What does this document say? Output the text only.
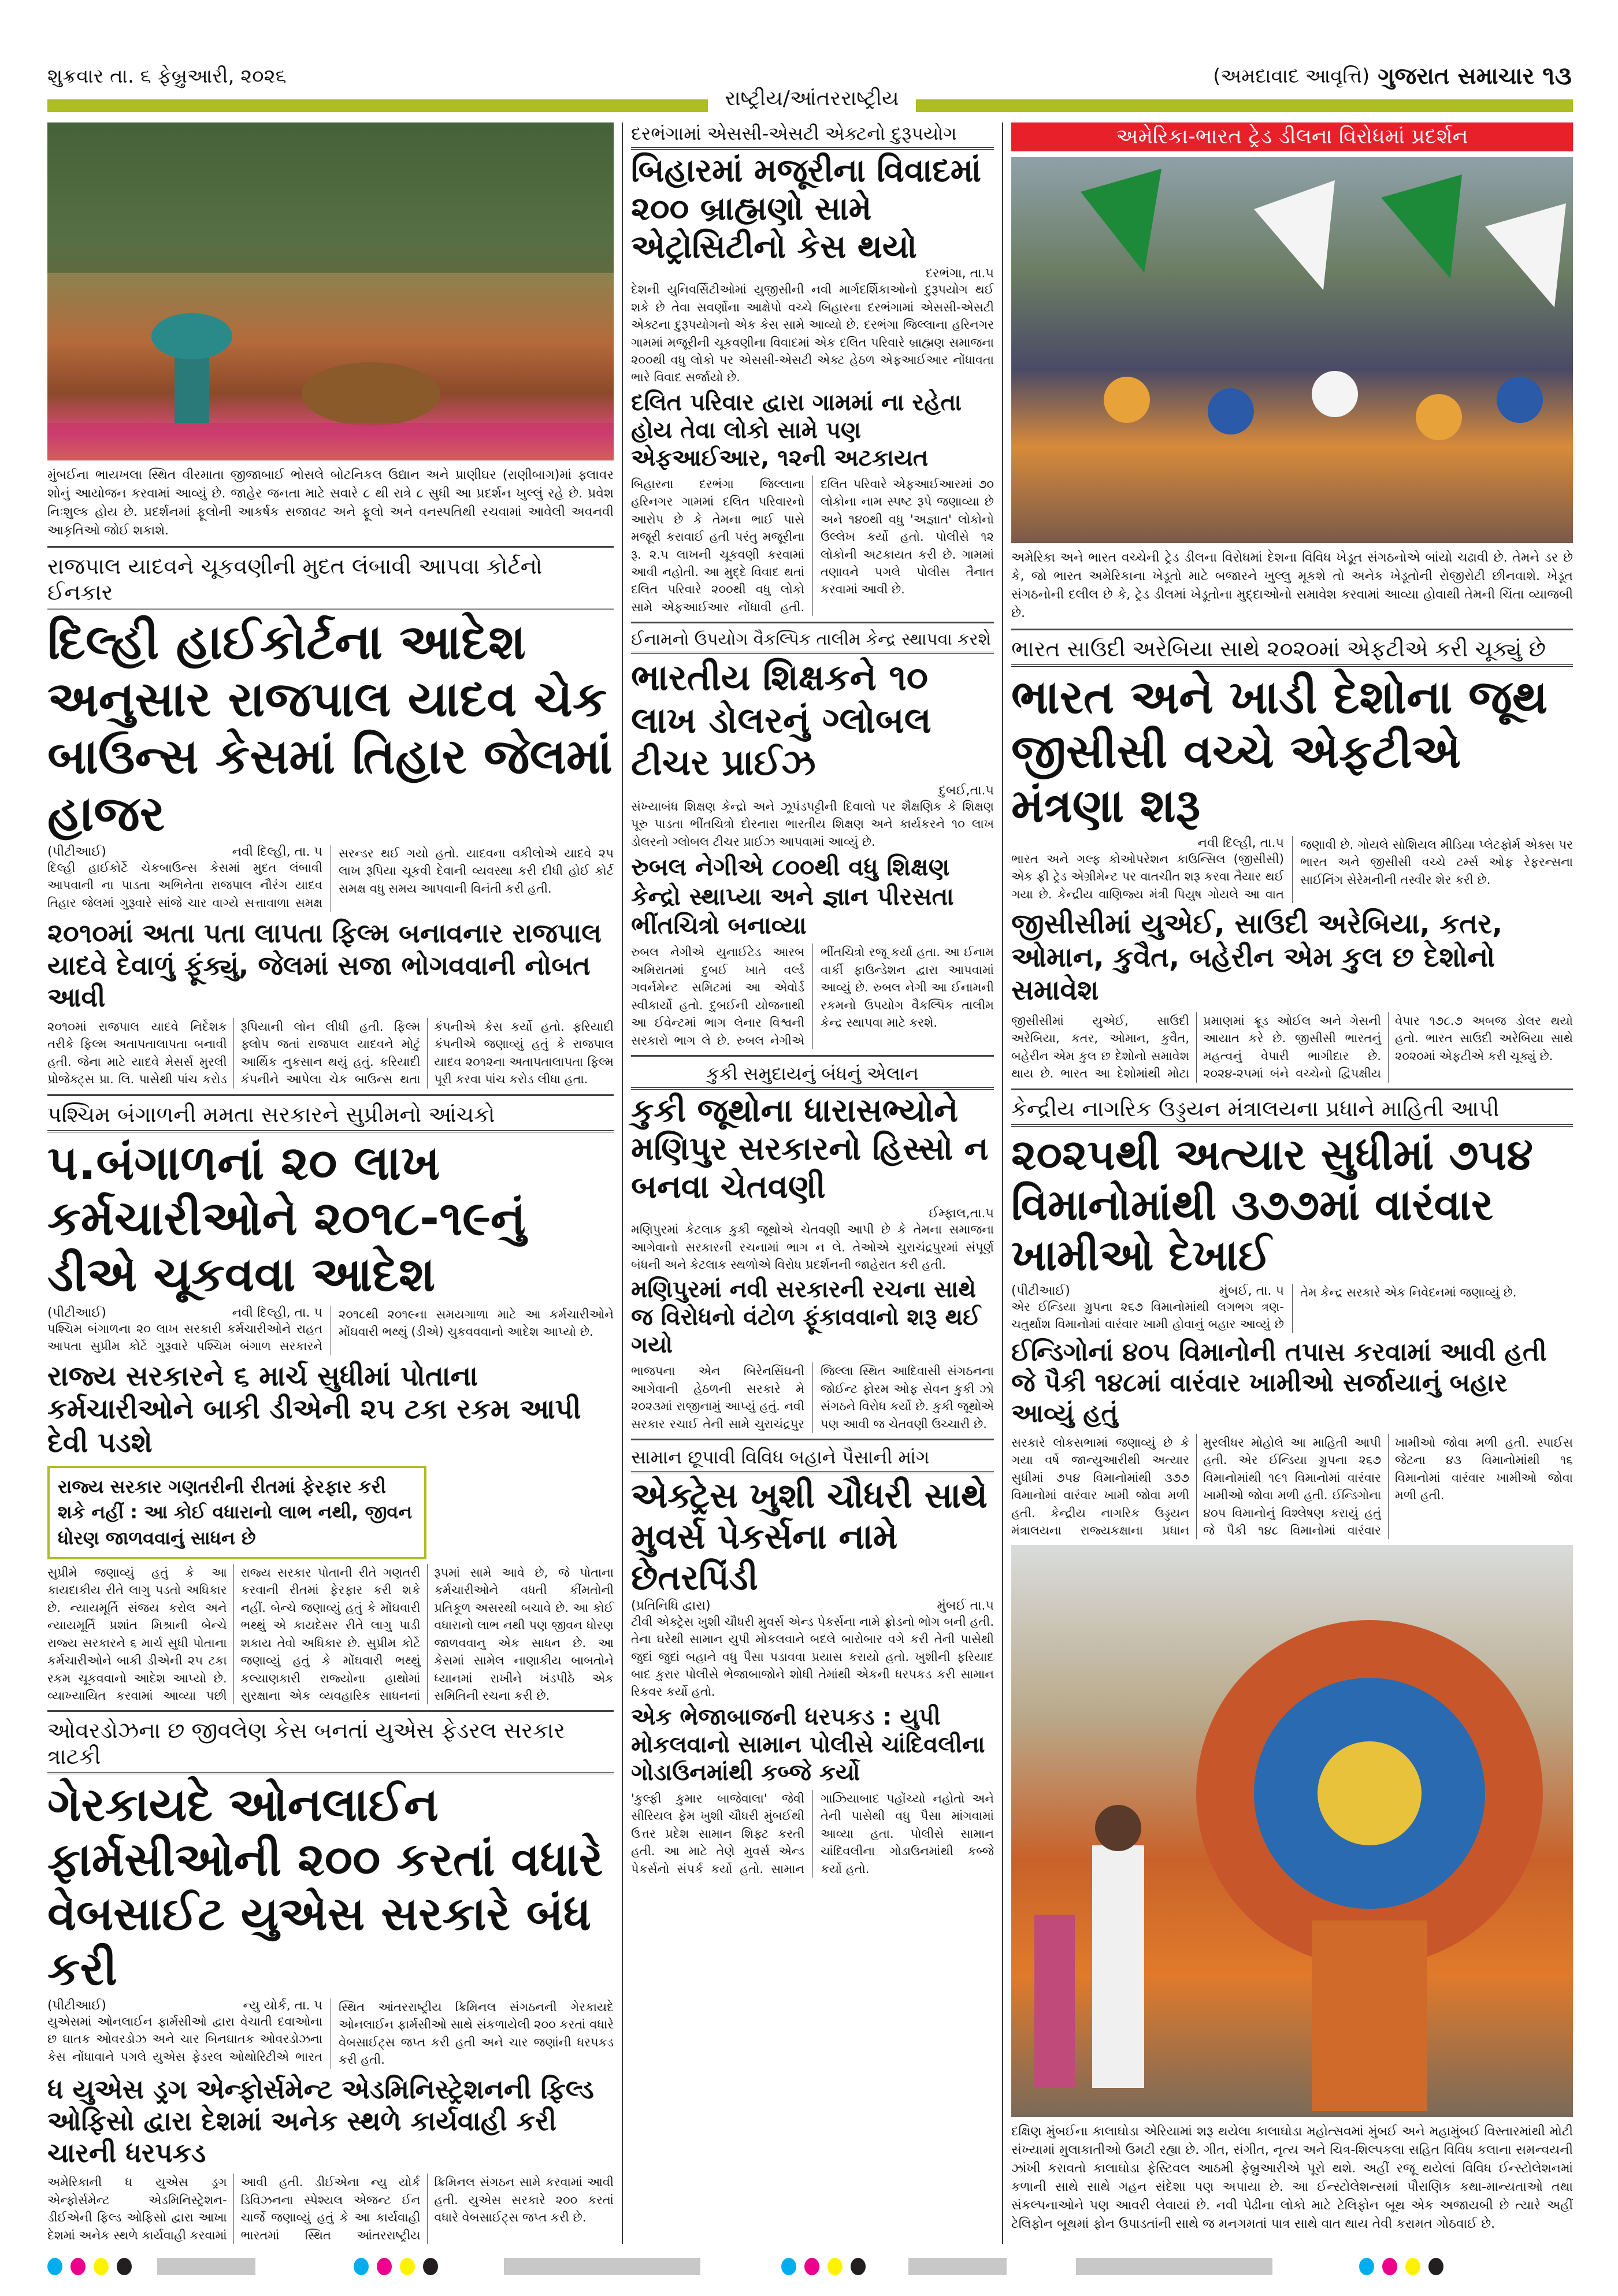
શુક્રવાર તા. ૬ ફેબ્રુઆરી, ૨૦૨૬
રાષ્ટ્રીય/આંતરરાષ્ટ્રીય
(અમદાવાદ આવૃત્તિ) ગુજરાત સમાચાર ૧૩
મુંબઈના ભાયખલા સ્થિત વીરમાતા જીજાબાઈ ભોસલે બોટનિકલ ઉદ્યાન અને પ્રાણીઘર (રાણીબાગ)માં ફ્લાવર શોનું આયોજન કરવામાં આવ્યું છે. જાહેર જનતા માટે સવારે ૮ થી રાત્રે ૮ સુધી આ પ્રદર્શન ખુલ્લું રહે છે. પ્રવેશ નિઃશુલ્ક હોય છે. પ્રદર્શનમાં ફૂલોની આકર્ષક સજાવટ અને ફૂલો અને વનસ્પતિથી રચવામાં આવેલી અવનવી આકૃતિઓ જોઈ શકાશે.
રાજપાલ યાદવને ચૂકવણીની મુદત લંબાવી આપવા કોર્ટનો ઈનકાર
દિલ્હી હાઈકોર્ટના આદેશ અનુસાર રાજપાલ યાદવ ચેક બાઉન્સ કેસમાં તિહાર જેલમાં હાજર
(પીટીઆઈ)	નવી દિલ્હી, તા. ૫
દિલ્હી હાઈકોર્ટે ચેકબાઉન્સ કેસમાં મુદત લંબાવી આપવાની ના પાડતા અભિનેતા રાજપાલ નૌરંગ યાદવ તિહાર જેલમાં ગુરૂવારે સાંજે ચાર વાગ્યે સત્તાવાળા સમક્ષ સરન્ડર થઈ ગયો હતો. યાદવના વકીલોએ યાદવે ૨૫ લાખ રૂપિયા ચૂકવી દેવાની વ્યવસ્થા કરી દીધી હોઈ કોર્ટ સમક્ષ વધુ સમય આપવાની વિનંતી કરી હતી.
૨૦૧૦માં અતા પતા લાપતા ફિલ્મ બનાવનાર રાજપાલ યાદવે દેવાળું ફૂંક્યું, જેલમાં સજા ભોગવવાની નોબત આવી
૨૦૧૦માં રાજપાલ યાદવે નિર્દેશક તરીકે ફિલ્મ અતાપતાલાપતા બનાવી હતી. જેના માટે યાદવે મેસર્સ મુરલી પ્રોજેક્ટ્સ પ્રા. લિ. પાસેથી પાંચ કરોડ રૂપિયાની લોન લીધી હતી. ફિલ્મ ફ્લોપ જતાં રાજપાલ યાદવને મોટું આર્થિક નુકસાન થયું હતું. કરિયાદી કંપનીને આપેલા ચેક બાઉન્સ થતા કંપનીએ કેસ કર્યો હતો. ફરિયાદી કંપનીએ જણાવ્યું હતું કે રાજપાલ યાદવ ૨૦૧૨ના અતાપતાલાપતા ફિલ્મ પૂરી કરવા પાંચ કરોડ લીધા હતા.
પશ્ચિમ બંગાળની મમતા સરકારને સુપ્રીમનો આંચકો
પ.બંગાળનાં ૨૦ લાખ કર્મચારીઓને ૨૦૧૮-૧૯નું ડીએ ચૂકવવા આદેશ
(પીટીઆઈ)	નવી દિલ્હી, તા. ૫
પશ્ચિમ બંગાળના ૨૦ લાખ સરકારી કર્મચારીઓને રાહત આપતા સુપ્રીમ કોર્ટે ગુરૂવારે પશ્ચિમ બંગાળ સરકારને ૨૦૧૮થી ૨૦૧૯ના સમયગાળા માટે આ કર્મચારીઓને મોંઘવારી ભથ્થું (ડીએ) ચુકવવવાનો આદેશ આપ્યો છે.
રાજ્ય સરકારને ૬ માર્ચ સુધીમાં પોતાના કર્મચારીઓને બાકી ડીએની ૨૫ ટકા રકમ આપી દેવી પડશે
રાજ્ય સરકાર ગણતરીની રીતમાં ફેરફાર કરી શકે નહીં : આ કોઈ વધારાનો લાભ નથી, જીવન ધોરણ જાળવવાનું સાધન છે
સુપ્રીમે જણાવ્યું હતું કે આ કાયદાકીય રીતે લાગુ પડતો અધિકાર છે. ન્યાયમૂર્તિ સંજય કરોલ અને ન્યાયમૂર્તિ પ્રશાંત મિશ્રાની બેન્ચે રાજ્ય સરકારને ૬ માર્ચ સુધી પોતાના કર્મચારીઓને બાકી ડીએની ૨૫ ટકા રકમ ચૂકવવાનો આદેશ આપ્યો છે. વ્યાખ્યાયિત કરવામાં આવ્યા પછી રાજ્ય સરકાર પોતાની રીતે ગણતરી કરવાની રીતમાં ફેરફાર કરી શકે નહીં. બેન્ચે જણાવ્યું હતું કે મોંઘવારી ભથ્થું એ કાયદેસર રીતે લાગુ પાડી શકાય તેવો અધિકાર છે. સુપ્રીમ કોર્ટે જણાવ્યું હતું કે મોંઘવારી ભથ્થું કલ્યાણકારી રાજ્યોના હાથોમાં સુરક્ષાના એક વ્યવહારિક સાધનનાં રૂપમાં સામે આવે છે, જે પોતાના કર્મચારીઓને વધતી કીંમતોની પ્રતિકૂળ અસરથી બચાવે છે. આ કોઈ વધારાનો લાભ નથી પણ જીવન ધોરણ જાળવવાનુ એક સાધન છે. આ કેસમાં સામેલ નાણાકીય બાબતોને ધ્યાનમાં રાખીને ખંડપીઠે એક સમિતિની રચના કરી છે.
ઓવરડોઝના છ જીવલેણ કેસ બનતાં યુએસ ફેડરલ સરકાર ત્રાટકી
ગેરકાયદે ઓનલાઈન ફાર્મસીઓની ૨૦૦ કરતાં વધારે વેબસાઈટ યુએસ સરકારે બંધ કરી
(પીટીઆઈ)	ન્યુ યોર્ક, તા. ૫
યુએસમાં ઓનલાઈન ફાર્મસીઓ દ્વારા વેચાતી દવાઓના છ ઘાતક ઓવરડોઝ અને ચાર બિનઘાતક ઓવરડોઝના કેસ નોંધાવાને પગલે યુએસ ફેડરલ ઓથોરિટીએ ભારત સ્થિત આંતરરાષ્ટ્રીય ક્રિમિનલ સંગઠનની ગેરકાયદે ઓનલાઈન ફાર્મસીઓ સાથે સંકળાયેલી ૨૦૦ કરતાં વધારે વેબસાઈટ્સ જપ્ત કરી હતી અને ચાર જણાંની ધરપકડ કરી હતી.
ધ યુએસ ડ્રગ એન્ફોર્સમેન્ટ એડમિનિસ્ટ્રેશનની ફિલ્ડ ઓફિસો દ્વારા દેશમાં અનેક સ્થળે કાર્યવાહી કરી ચારની ધરપકડ
અમેરિકાની ધ યુએસ ડ્રગ એન્ફોર્સમેન્ટ એડમિનિસ્ટ્રેશન-ડીઈએની ફિલ્ડ ઓફિસો દ્વારા આખા દેશમાં અનેક સ્થળે કાર્યવાહી કરવામાં આવી હતી. ડીઈએના ન્યુ યોર્ક ડિવિઝનના સ્પેશ્યલ એજન્ટ ઈન ચાર્જે જણાવ્યું હતું કે આ કાર્યવાહી ભારતમાં સ્થિત આંતરરાષ્ટ્રીય ક્રિમિનલ સંગઠન સામે કરવામાં આવી હતી. યુએસ સરકારે ૨૦૦ કરતાં વધારે વેબસાઈટ્સ જપ્ત કરી છે.
દરભંગામાં એસસી-એસટી એક્ટનો દુરૂપયોગ
બિહારમાં મજૂરીના વિવાદમાં ૨૦૦ બ્રાહ્મણો સામે એટ્રોસિટીનો કેસ થયો
દરભંગા, તા.૫
દેશની યુનિવર્સિટીઓમાં યુજીસીની નવી માર્ગદર્શિકાઓનો દુરૂપયોગ થઈ શકે છે તેવા સવર્ણોના આક્ષેપો વચ્ચે બિહારના દરભંગામાં એસસી-એસટી એક્ટના દુરૂપયોગનો એક કેસ સામે આવ્યો છે. દરભંગા જિલ્લાના હરિનગર ગામમાં મજૂરીની ચૂકવણીના વિવાદમાં એક દલિત પરિવારે બ્રાહ્મણ સમાજના ૨૦૦થી વધુ લોકો પર એસસી-એસટી એક્ટ હેઠળ એફઆઈઆર નોંધાવતા ભારે વિવાદ સર્જાયો છે.
દલિત પરિવાર દ્વારા ગામમાં ના રહેતા હોય તેવા લોકો સામે પણ એફઆઈઆર, ૧૨ની અટકાયત
બિહારના દરભંગા જિલ્લાના હરિનગર ગામમાં દલિત પરિવારનો આરોપ છે કે તેમના ભાઈ પાસે મજૂરી કરાવાઈ હતી પરંતુ મજૂરીના રૂ. ૨.૫ લાખની ચૂકવણી કરવામાં આવી નહોતી. આ મુદ્દે વિવાદ થતાં દલિત પરિવારે ૨૦૦થી વધુ લોકો સામે એફઆઈઆર નોંધાવી હતી. દલિત પરિવારે એફઆઈઆરમાં ૭૦ લોકોના નામ સ્પષ્ટ રૂપે જણાવ્યા છે અને ૧૪૦થી વધુ 'અજ્ઞાત' લોકોનો ઉલ્લેખ કર્યો હતો. પોલીસે ૧૨ લોકોની અટકાયત કરી છે. ગામમાં તણાવને પગલે પોલીસ તૈનાત કરવામાં આવી છે.
ઈનામનો ઉપયોગ વૈકલ્પિક તાલીમ કેન્દ્ર સ્થાપવા કરશે
ભારતીય શિક્ષકને ૧૦ લાખ ડોલરનું ગ્લોબલ ટીચર પ્રાઈઝ
દુબઈ,તા.૫
સંખ્યાબંધ શિક્ષણ કેન્દ્રો અને ઝૂપંડપટ્ટીની દિવાલો પર શૈક્ષણિક કે શિક્ષણ પૂરુ પાડતા ભીંતચિત્રો દોરનારા ભારતીય શિક્ષણ અને કાર્યકરને ૧૦ લાખ ડોલરનો ગ્લોબલ ટીચર પ્રાઈઝ આપવામાં આવ્યું છે.
રુબલ નેગીએ ૮૦૦થી વધુ શિક્ષણ કેન્દ્રો સ્થાપ્યા અને જ્ઞાન પીરસતા ભીંતચિત્રો બનાવ્યા
રુબલ નેગીએ યુનાઈટેડ આરબ અમિરાતમાં દુબઈ ખાતે વર્લ્ડ ગવર્નમેન્ટ સમિટમાં આ એવોર્ડ સ્વીકાર્યો હતો. દુબઈની યોજનાથી આ ઈવેન્ટમાં ભાગ લેનાર વિશ્વની સરકારો ભાગ લે છે. રુબલ નેગીએ ભીંતચિત્રો રજૂ કર્યા હતા. આ ઈનામ વાર્કી ફાઉન્ડેશન દ્વારા આપવામાં આવ્યું છે. રુબલ નેગી આ ઈનામની રકમનો ઉપયોગ વૈકલ્પિક તાલીમ કેન્દ્ર સ્થાપવા માટે કરશે.
કુકી સમુદાયનું બંધનું એલાન
કુકી જૂથોના ધારાસભ્યોને મણિપુર સરકારનો હિસ્સો ન બનવા ચેતવણી
ઈમ્ફાલ,તા.૫
મણિપુરમાં કેટલાક કુકી જૂથોએ ચેતવણી આપી છે કે તેમના સમાજના આગેવાનો સરકારની રચનામાં ભાગ ન લે. તેઓએ ચુરાચંદ્રપુરમાં સંપૂર્ણ બંધની અને કેટલાક સ્થળોએ વિરોધ પ્રદર્શનની જાહેરાત કરી હતી.
મણિપુરમાં નવી સરકારની રચના સાથે જ વિરોધનો વંટોળ ફૂંકાવવાનો શરૂ થઈ ગયો
ભાજપના એન બિરેનસિંઘની આગેવાની હેઠળની સરકારે મે ૨૦૨૩માં રાજીનામું આપ્યું હતું. નવી સરકાર રચાઈ તેની સામે ચુરાચંદ્રપુર જિલ્લા સ્થિત આદિવાસી સંગઠનના જોઈન્ટ ફોરમ ઓફ સેવન કુકી ઝો સંગઠને વિરોધ કર્યો છે. કુકી જૂથોએ પણ આવી જ ચેતવણી ઉચ્ચારી છે.
સામાન છૂપાવી વિવિધ બહાને પૈસાની માંગ
એક્ટ્રેસ ખુશી ચૌધરી સાથે મુવર્સ પેકર્સના નામે છેતરપિંડી
(પ્રતિનિધિ દ્વારા)	મુંબઈ તા.૫
ટીવી એક્ટ્રેસ ખુશી ચૌધરી મુવર્સ એન્ડ પેકર્સના નામે ફ્રોડનો ભોગ બની હતી. તેના ઘરેથી સામાન યુપી મોકલવાને બદલે બારોબાર વગે કરી તેની પાસેથી જુદાં જુદાં બહાને વધુ પૈસા પડાવવા પ્રયાસ કરાયો હતો. ખુશીની ફરિયાદ બાદ કુરાર પોલીસે ભેજાબાજોને શોધી તેમાંથી એકની ધરપકડ કરી સામાન રિકવર કર્યો હતો.
એક ભેજાબાજની ધરપકડ : યુપી મોકલવાનો સામાન પોલીસે ચાંદિવલીના ગોડાઉનમાંથી કબ્જે કર્યો
'કુલ્ફી કુમાર બાજેવાલા' જેવી સીરિયલ ફેમ ખુશી ચૌધરી મુંબઈથી ઉત્તર પ્રદેશ સામાન શિફ્ટ કરતી હતી. આ માટે તેણે મુવર્સ એન્ડ પેકર્સનો સંપર્ક કર્યો હતો. સામાન ગાઝિયાબાદ પહોંચ્યો નહોતો અને તેની પાસેથી વધુ પૈસા માંગવામાં આવ્યા હતા. પોલીસે સામાન ચાંદિવલીના ગોડાઉનમાંથી કબ્જે કર્યો હતો.
અમેરિકા-ભારત ટ્રેડ ડીલના વિરોધમાં પ્રદર્શન
અમેરિકા અને ભારત વચ્ચેની ટ્રેડ ડીલના વિરોધમાં દેશના વિવિધ ખેડૂત સંગઠનોએ બાંયો ચઢાવી છે. તેમને ડર છે કે, જો ભારત અમેરિકાના ખેડૂતો માટે બજારને ખુલ્લુ મૂકશે તો અનેક ખેડૂતોની રોજીરોટી છીનવાશે. ખેડૂત સંગઠનોની દલીલ છે કે, ટ્રેડ ડીલમાં ખેડૂતોના મુદ્દાઓનો સમાવેશ કરવામાં આવ્યા હોવાથી તેમની ચિંતા વ્યાજબી છે.
ભારત સાઉદી અરેબિયા સાથે ૨૦૨૦માં એફટીએ કરી ચૂક્યું છે
ભારત અને ખાડી દેશોના જૂથ જીસીસી વચ્ચે એફટીએ મંત્રણા શરૂ
નવી દિલ્હી, તા.૫
ભારત અને ગલ્ફ કોઓપરેશન કાઉન્સિલ (જીસીસી) એક ફ્રી ટ્રેડ એગ્રીમેન્ટ પર વાતચીત શરૂ કરવા તૈયાર થઈ ગયા છે. કેન્દ્રીય વાણિજ્ય મંત્રી પિયુષ ગોયલે આ વાત જણાવી છે. ગોયલે સોશિયલ મીડિયા પ્લેટફોર્મ એક્સ પર ભારત અને જીસીસી વચ્ચે ટર્મ્સ ઓફ રેફરન્સના સાઈનિંગ સેરેમનીની તસ્વીર શેર કરી છે.
જીસીસીમાં યુએઈ, સાઉદી અરેબિયા, કતર, ઓમાન, કુવૈત, બહેરીન એમ કુલ છ દેશોનો સમાવેશ
જીસીસીમાં યુએઈ, સાઉદી અરેબિયા, કતર, ઓમાન, કુવૈત, બહેરીન એમ કુલ છ દેશોનો સમાવેશ થાય છે. ભારત આ દેશોમાંથી મોટા પ્રમાણમાં ક્રૂડ ઓઈલ અને ગેસની આયાત કરે છે. જીસીસી ભારતનું મહત્વનું વેપારી ભાગીદાર છે. ૨૦૨૪-૨૫માં બંને વચ્ચેનો દ્વિપક્ષીય વેપાર ૧૭૮.૭ અબજ ડોલર થયો હતો. ભારત સાઉદી અરેબિયા સાથે ૨૦૨૦માં એફટીએ કરી ચૂક્યું છે.
કેન્દ્રીય નાગરિક ઉડ્ડયન મંત્રાલયના પ્રધાને માહિતી આપી
૨૦૨૫થી અત્યાર સુધીમાં ૭૫૪ વિમાનોમાંથી ૩૭૭માં વારંવાર ખામીઓ દેખાઈ
(પીટીઆઈ)	મુંબઈ, તા. ૫
એર ઈન્ડિયા ગ્રુપના ૨૬૭ વિમાનોમાંથી લગભગ ત્રણ-ચતુર્થાશ વિમાનોમાં વારંવાર ખામી હોવાનું બહાર આવ્યું છે તેમ કેન્દ્ર સરકારે એક નિવેદનમાં જણાવ્યું છે.
ઈન્ડિગોનાં ૪૦૫ વિમાનોની તપાસ કરવામાં આવી હતી જે પૈકી ૧૪૮માં વારંવાર ખામીઓ સર્જાયાનું બહાર આવ્યું હતું
સરકારે લોકસભામાં જણાવ્યું છે કે ગયા વર્ષે જાન્યુઆરીથી અત્યાર સુધીમાં ૭૫૪ વિમાનોમાંથી ૩૭૭ વિમાનોમાં વારંવાર ખામી જોવા મળી હતી. કેન્દ્રીય નાગરિક ઉડ્ડયન મંત્રાલયના રાજ્યકક્ષાના પ્રધાન મુરલીધર મોહોલે આ માહિતી આપી હતી. એર ઈન્ડિયા ગ્રુપના ૨૬૭ વિમાનોમાંથી ૧૯૧ વિમાનોમાં વારંવાર ખામીઓ જોવા મળી હતી. ઈન્ડિગોના ૪૦૫ વિમાનોનું વિશ્લેષણ કરાયું હતું જે પૈકી ૧૪૮ વિમાનોમાં વારંવાર ખામીઓ જોવા મળી હતી. સ્પાઈસ જેટના ૪૩ વિમાનોમાંથી ૧૬ વિમાનોમાં વારંવાર ખામીઓ જોવા મળી હતી.
દક્ષિણ મુંબઈના કાલાઘોડા એરિયામાં શરૂ થયેલા કાલાઘોડા મહોત્સવમાં મુંબઈ અને મહામુંબઈ વિસ્તારમાંથી મોટી સંખ્યામાં મુલાકાતીઓ ઉમટી રહ્યા છે. ગીત, સંગીત, નૃત્ય અને ચિત્ર-શિલ્પકલા સહિત વિવિધ કલાના સમન્વયની ઝાંખી કરાવતો કાલાઘોડા ફેસ્ટિવલ આઠમી ફેબ્રુઆરીએ પૂરો થશે. અહીં રજૂ થયેલાં વિવિધ ઈન્સ્ટોલેશનમાં કળાની સાથે સાથે ગહન સંદેશા પણ અપાયા છે. આ ઈન્સ્ટોલેશન્સમાં પૌરાણિક કથા-માન્યતાઓ તથા સંકલ્પનાઓને પણ આવરી લેવાયાં છે. નવી પેઢીના લોકો માટે ટેલિફોન બૂથ એક અજાયબી છે ત્યારે અહીં ટેલિફોન બૂથમાં ફોન ઉપાડતાંની સાથે જ મનગમતાં પાત્ર સાથે વાત થાય તેવી કરામત ગોઠવાઈ છે.
